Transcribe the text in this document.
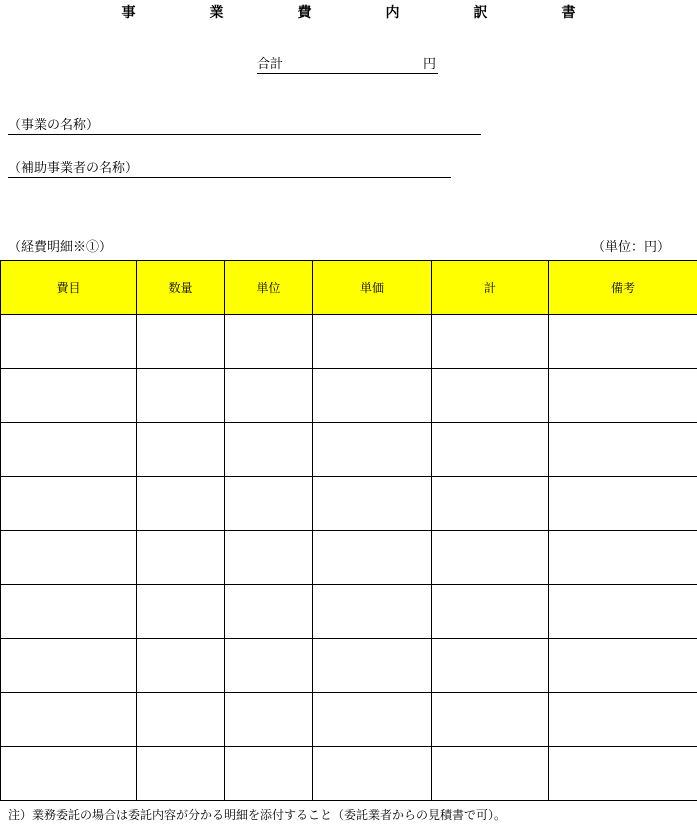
事　業　費　内　訳　書
合計	円
（事業の名称）
（補助事業者の名称）
（経費明細※①）	（単位：円）
費目	数量	単位	単価	計	備考

注）業務委託の場合は委託内容が分かる明細を添付すること（委託業者からの見積書で可）。
